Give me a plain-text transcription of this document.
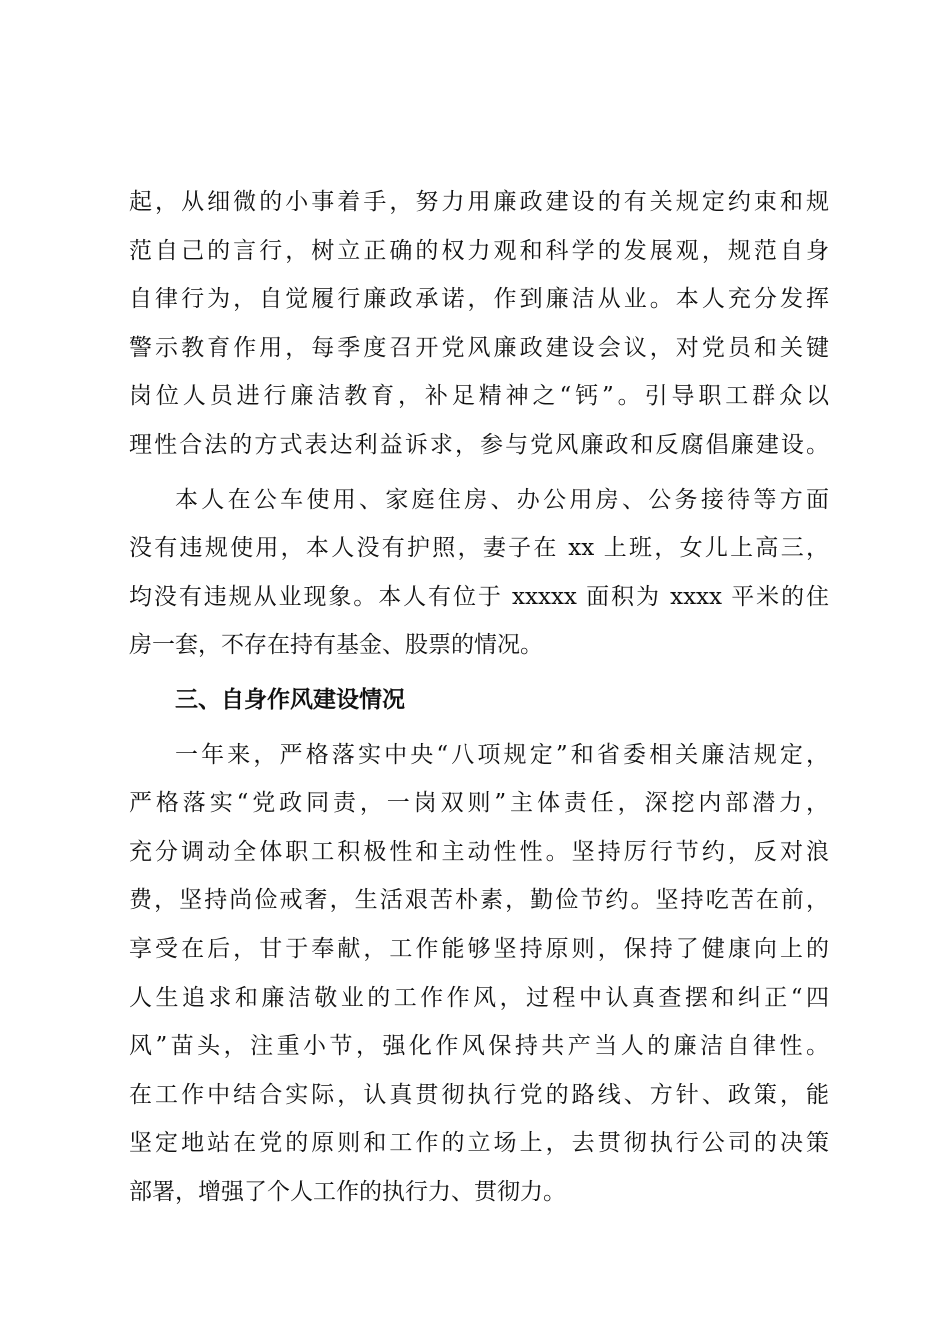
起，从细微的小事着手，努力用廉政建设的有关规定约束和规
范自己的言行，树立正确的权力观和科学的发展观，规范自身
自律行为，自觉履行廉政承诺，作到廉洁从业。本人充分发挥
警示教育作用，每季度召开党风廉政建设会议，对党员和关键
岗位人员进行廉洁教育，补足精神之“钙”。引导职工群众以
理性合法的方式表达利益诉求，参与党风廉政和反腐倡廉建设。
本人在公车使用、家庭住房、办公用房、公务接待等方面
没有违规使用，本人没有护照，妻子在 xx 上班，女儿上高三，
均没有违规从业现象。本人有位于 xxxxx 面积为 xxxx 平米的住
房一套，不存在持有基金、股票的情况。
三、自身作风建设情况
一年来，严格落实中央“八项规定”和省委相关廉洁规定，
严格落实“党政同责，一岗双则”主体责任，深挖内部潜力，
充分调动全体职工积极性和主动性性。坚持厉行节约，反对浪
费，坚持尚俭戒奢，生活艰苦朴素，勤俭节约。坚持吃苦在前，
享受在后，甘于奉献，工作能够坚持原则，保持了健康向上的
人生追求和廉洁敬业的工作作风，过程中认真查摆和纠正“四
风”苗头，注重小节，强化作风保持共产当人的廉洁自律性。
在工作中结合实际，认真贯彻执行党的路线、方针、政策，能
坚定地站在党的原则和工作的立场上，去贯彻执行公司的决策
部署，增强了个人工作的执行力、贯彻力。
